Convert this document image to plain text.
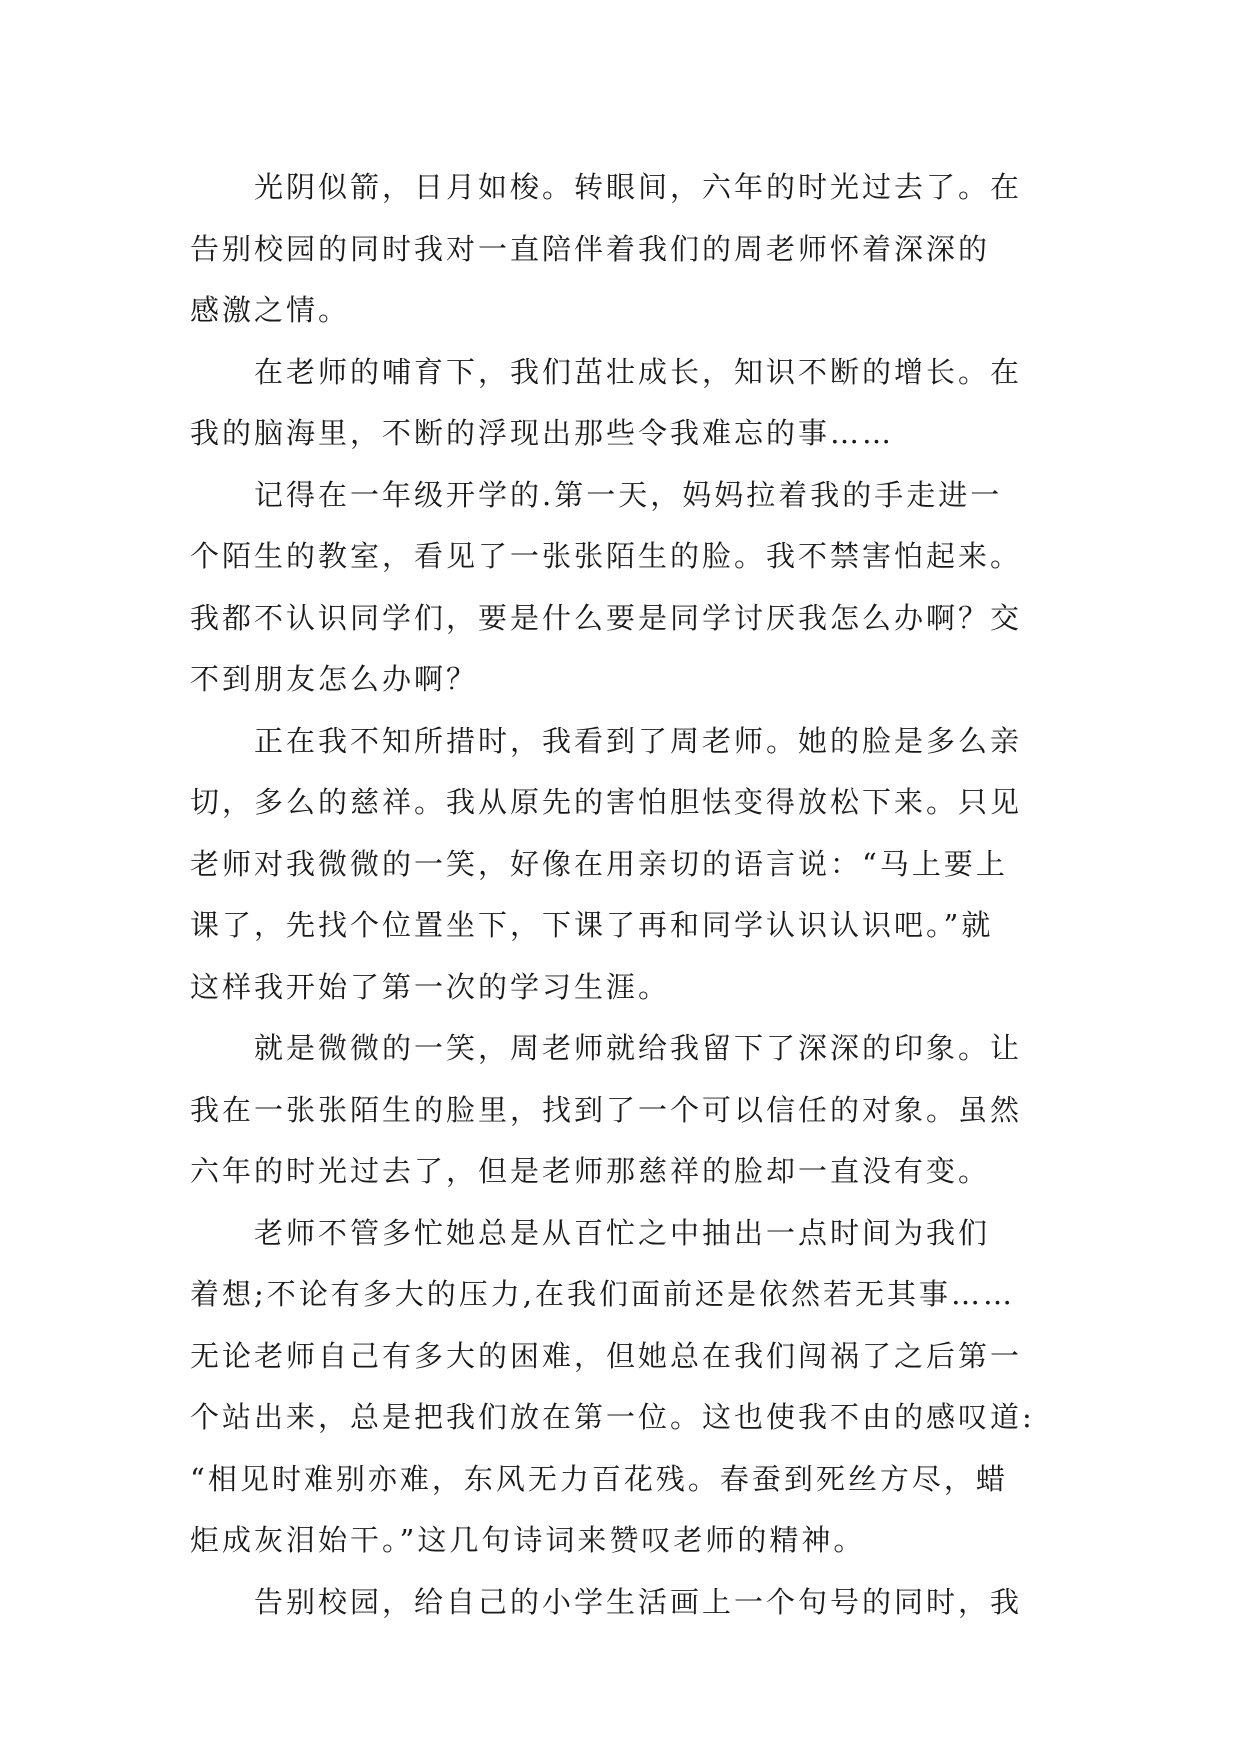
光阴似箭，日月如梭。转眼间，六年的时光过去了。在
告别校园的同时我对一直陪伴着我们的周老师怀着深深的
感激之情。
在老师的哺育下，我们茁壮成长，知识不断的增长。在
我的脑海里，不断的浮现出那些令我难忘的事……
记得在一年级开学的.第一天，妈妈拉着我的手走进一
个陌生的教室，看见了一张张陌生的脸。我不禁害怕起来。
我都不认识同学们，要是什么要是同学讨厌我怎么办啊？交
不到朋友怎么办啊？
正在我不知所措时，我看到了周老师。她的脸是多么亲
切，多么的慈祥。我从原先的害怕胆怯变得放松下来。只见
老师对我微微的一笑，好像在用亲切的语言说：“马上要上
课了，先找个位置坐下，下课了再和同学认识认识吧。”就
这样我开始了第一次的学习生涯。
就是微微的一笑，周老师就给我留下了深深的印象。让
我在一张张陌生的脸里，找到了一个可以信任的对象。虽然
六年的时光过去了，但是老师那慈祥的脸却一直没有变。
老师不管多忙她总是从百忙之中抽出一点时间为我们
着想;不论有多大的压力,在我们面前还是依然若无其事……
无论老师自己有多大的困难，但她总在我们闯祸了之后第一
个站出来，总是把我们放在第一位。这也使我不由的感叹道:
“相见时难别亦难，东风无力百花残。春蚕到死丝方尽，蜡
炬成灰泪始干。”这几句诗词来赞叹老师的精神。
告别校园，给自己的小学生活画上一个句号的同时，我
